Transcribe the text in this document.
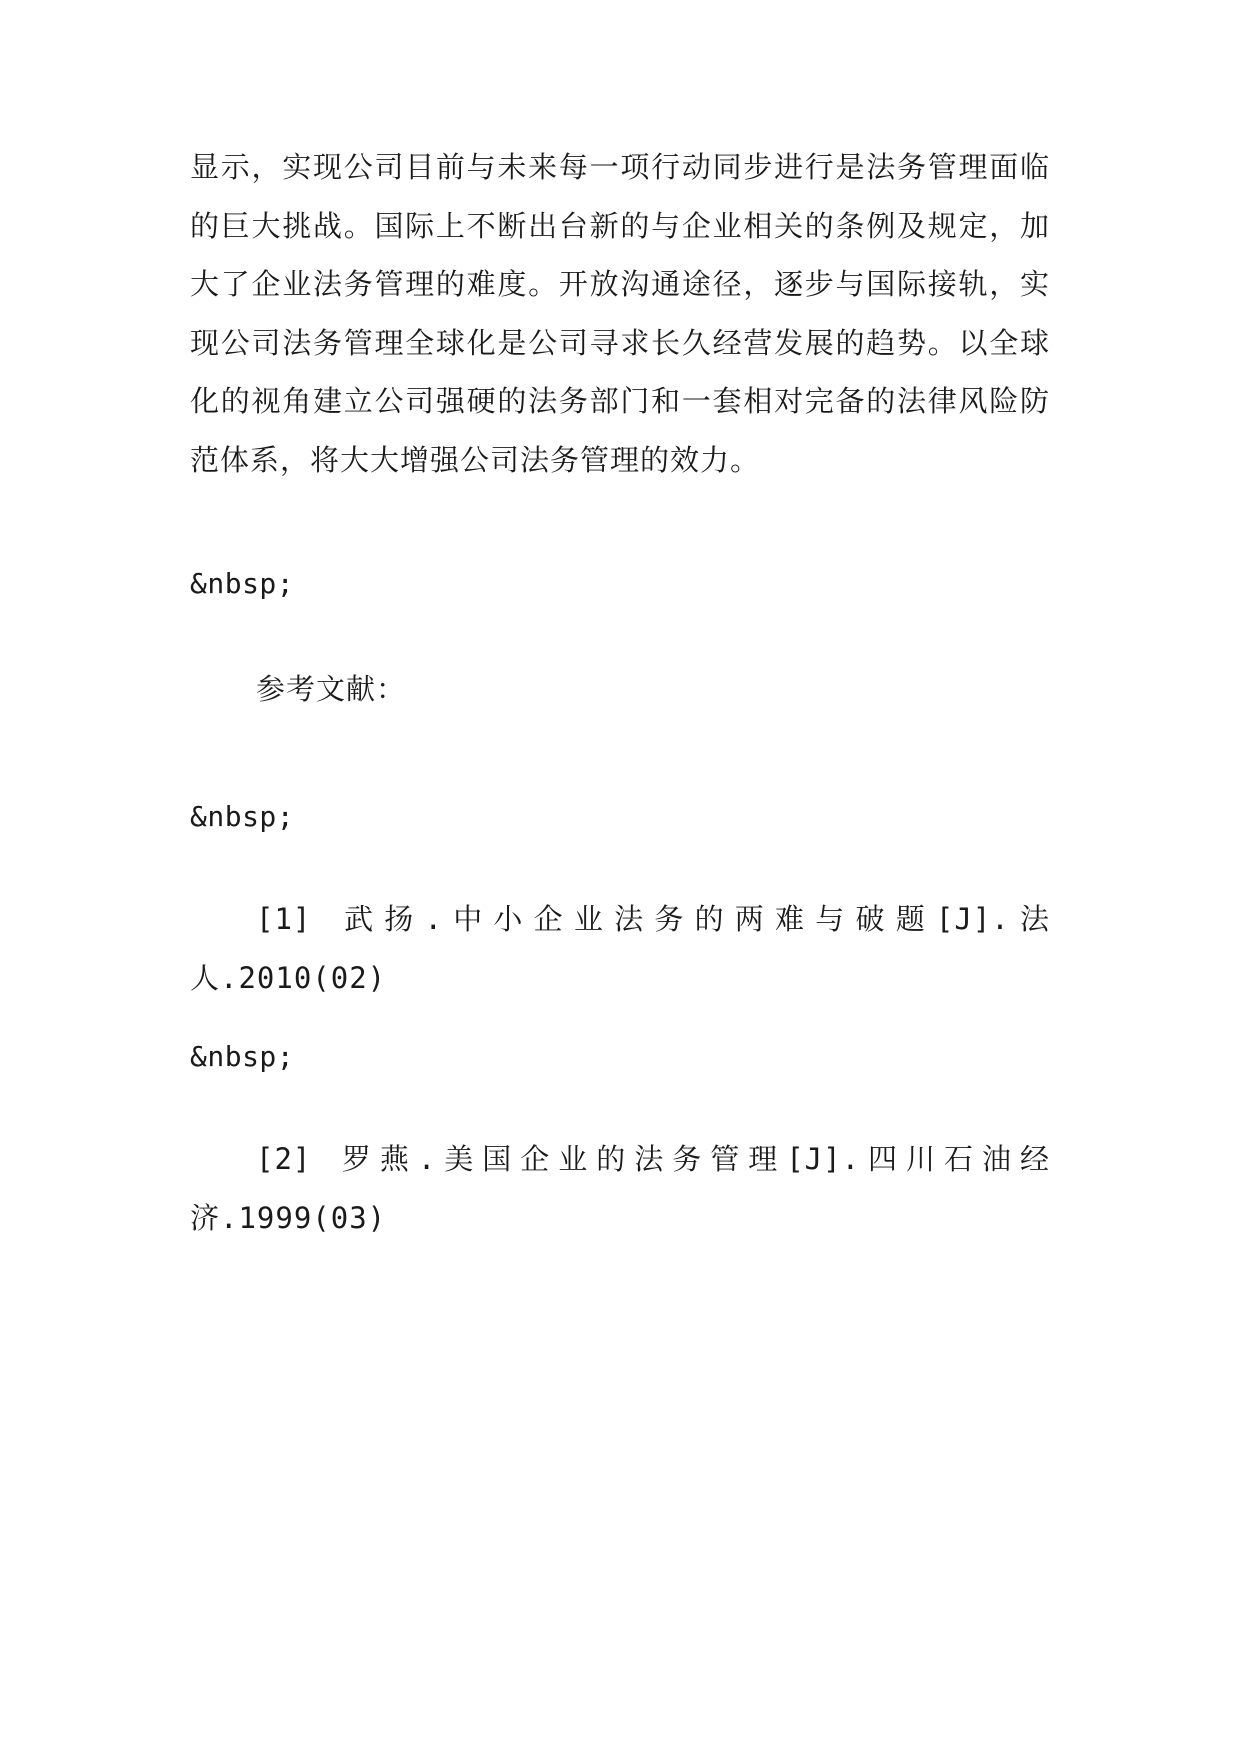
显示，实现公司目前与未来每一项行动同步进行是法务管理面临的巨大挑战。国际上不断出台新的与企业相关的条例及规定，加大了企业法务管理的难度。开放沟通途径，逐步与国际接轨，实现公司法务管理全球化是公司寻求长久经营发展的趋势。以全球化的视角建立公司强硬的法务部门和一套相对完备的法律风险防范体系，将大大增强公司法务管理的效力。

&nbsp;

参考文献：

&nbsp;

[1] 武扬.中小企业法务的两难与破题[J].法人.2010(02)

&nbsp;

[2] 罗燕.美国企业的法务管理[J].四川石油经济.1999(03)
